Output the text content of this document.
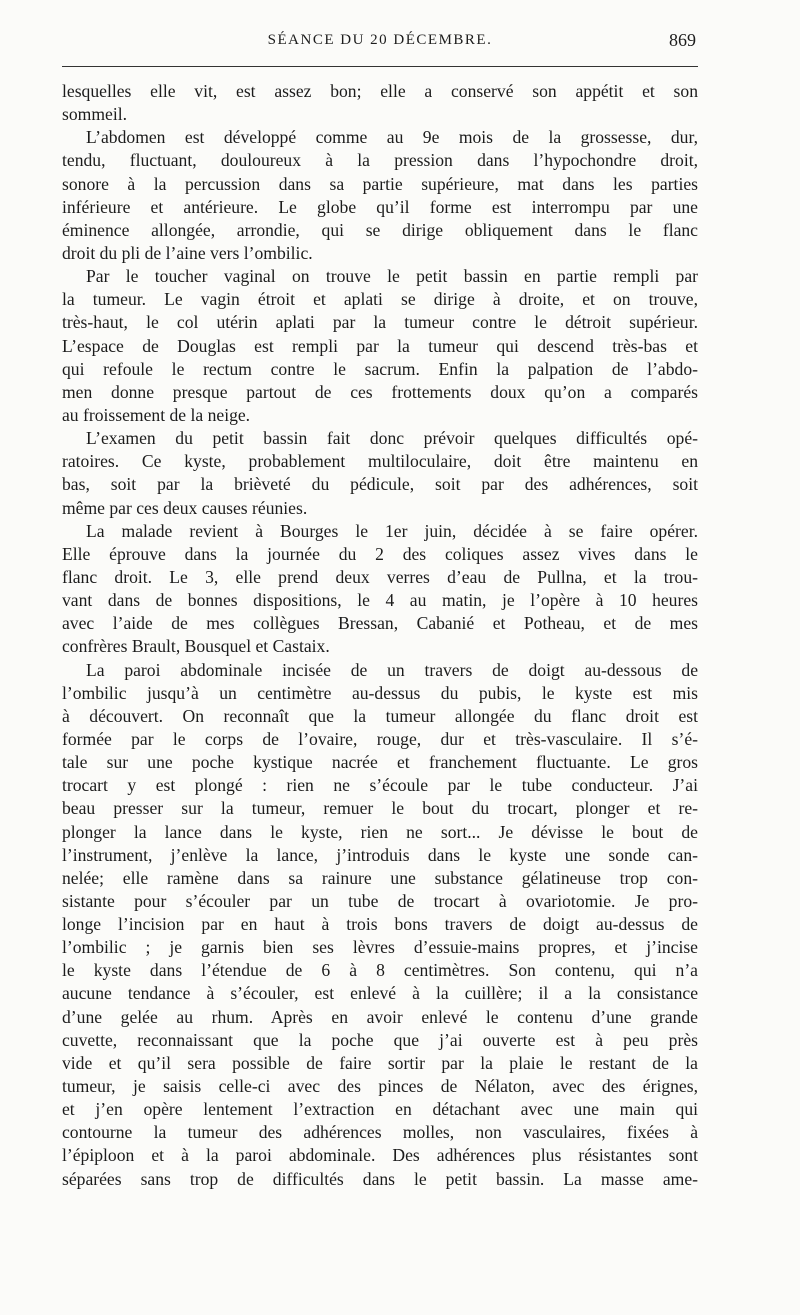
SÉANCE DU 20 DÉCEMBRE.	869
lesquelles elle vit, est assez bon; elle a conservé son appétit et son
sommeil.
L’abdomen est développé comme au 9e mois de la grossesse, dur,
tendu, fluctuant, douloureux à la pression dans l’hypochondre droit,
sonore à la percussion dans sa partie supérieure, mat dans les parties
inférieure et antérieure. Le globe qu’il forme est interrompu par une
éminence allongée, arrondie, qui se dirige obliquement dans le flanc
droit du pli de l’aine vers l’ombilic.
Par le toucher vaginal on trouve le petit bassin en partie rempli par
la tumeur. Le vagin étroit et aplati se dirige à droite, et on trouve,
très-haut, le col utérin aplati par la tumeur contre le détroit supérieur.
L’espace de Douglas est rempli par la tumeur qui descend très-bas et
qui refoule le rectum contre le sacrum. Enfin la palpation de l’abdo-
men donne presque partout de ces frottements doux qu’on a comparés
au froissement de la neige.
L’examen du petit bassin fait donc prévoir quelques difficultés opé-
ratoires. Ce kyste, probablement multiloculaire, doit être maintenu en
bas, soit par la brièveté du pédicule, soit par des adhérences, soit
même par ces deux causes réunies.
La malade revient à Bourges le 1er juin, décidée à se faire opérer.
Elle éprouve dans la journée du 2 des coliques assez vives dans le
flanc droit. Le 3, elle prend deux verres d’eau de Pullna, et la trou-
vant dans de bonnes dispositions, le 4 au matin, je l’opère à 10 heures
avec l’aide de mes collègues Bressan, Cabanié et Potheau, et de mes
confrères Brault, Bousquel et Castaix.
La paroi abdominale incisée de un travers de doigt au-dessous de
l’ombilic jusqu’à un centimètre au-dessus du pubis, le kyste est mis
à découvert. On reconnaît que la tumeur allongée du flanc droit est
formée par le corps de l’ovaire, rouge, dur et très-vasculaire. Il s’é-
tale sur une poche kystique nacrée et franchement fluctuante. Le gros
trocart y est plongé : rien ne s’écoule par le tube conducteur. J’ai
beau presser sur la tumeur, remuer le bout du trocart, plonger et re-
plonger la lance dans le kyste, rien ne sort... Je dévisse le bout de
l’instrument, j’enlève la lance, j’introduis dans le kyste une sonde can-
nelée; elle ramène dans sa rainure une substance gélatineuse trop con-
sistante pour s’écouler par un tube de trocart à ovariotomie. Je pro-
longe l’incision par en haut à trois bons travers de doigt au-dessus de
l’ombilic ; je garnis bien ses lèvres d’essuie-mains propres, et j’incise
le kyste dans l’étendue de 6 à 8 centimètres. Son contenu, qui n’a
aucune tendance à s’écouler, est enlevé à la cuillère; il a la consistance
d’une gelée au rhum. Après en avoir enlevé le contenu d’une grande
cuvette, reconnaissant que la poche que j’ai ouverte est à peu près
vide et qu’il sera possible de faire sortir par la plaie le restant de la
tumeur, je saisis celle-ci avec des pinces de Nélaton, avec des érignes,
et j’en opère lentement l’extraction en détachant avec une main qui
contourne la tumeur des adhérences molles, non vasculaires, fixées à
l’épiploon et à la paroi abdominale. Des adhérences plus résistantes sont
séparées sans trop de difficultés dans le petit bassin. La masse ame-
